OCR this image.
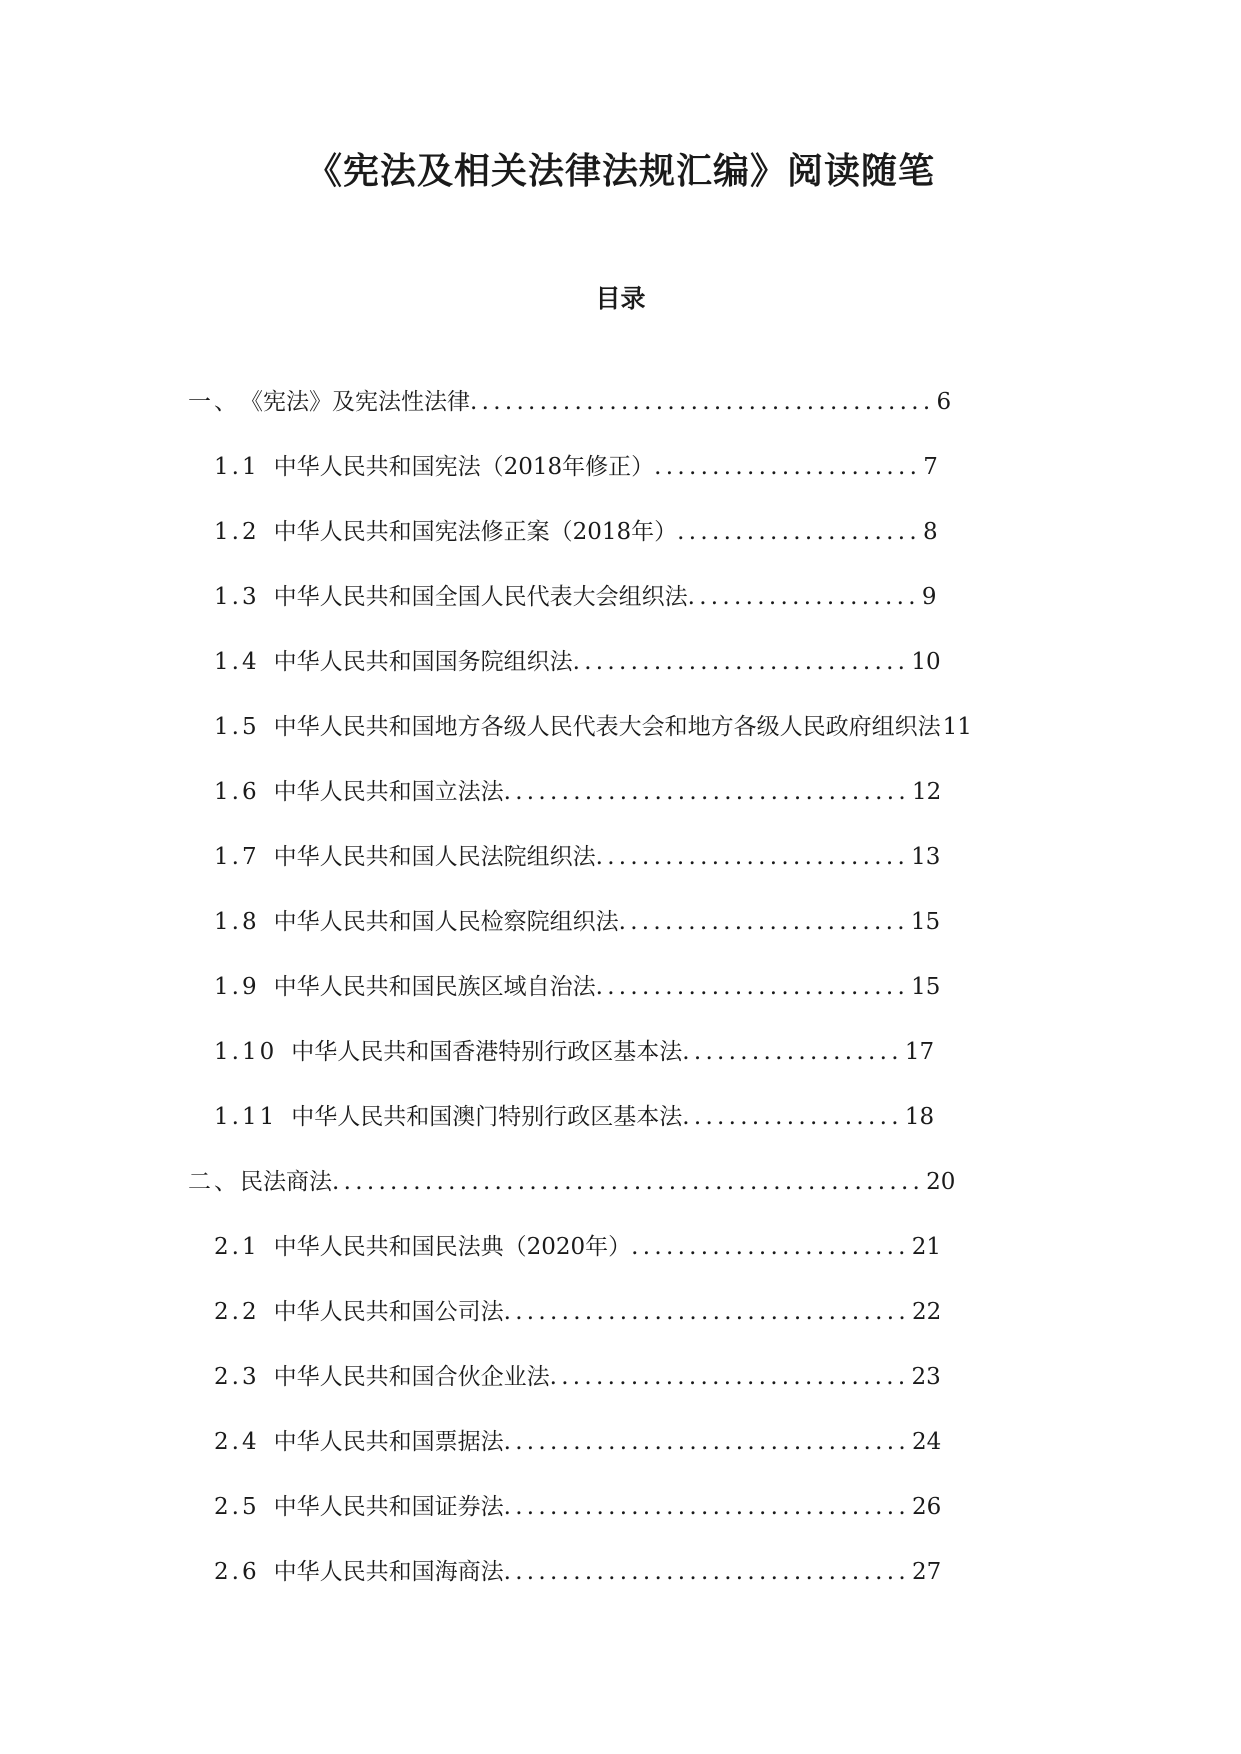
《宪法及相关法律法规汇编》阅读随笔
目录
一、 《宪法》及宪法性法律 ........................................ 6
1.1 中华人民共和国宪法（2018年修正） ....................... 7
1.2 中华人民共和国宪法修正案（2018年） ..................... 8
1.3 中华人民共和国全国人民代表大会组织法 .................... 9
1.4 中华人民共和国国务院组织法 ............................. 10
1.5 中华人民共和国地方各级人民代表大会和地方各级人民政府组织法 11
1.6 中华人民共和国立法法 ................................... 12
1.7 中华人民共和国人民法院组织法 ........................... 13
1.8 中华人民共和国人民检察院组织法 ......................... 15
1.9 中华人民共和国民族区域自治法 ........................... 15
1.10 中华人民共和国香港特别行政区基本法 ................... 17
1.11 中华人民共和国澳门特别行政区基本法 ................... 18
二、 民法商法 ................................................... 20
2.1 中华人民共和国民法典（2020年） ........................ 21
2.2 中华人民共和国公司法 ................................... 22
2.3 中华人民共和国合伙企业法 ............................... 23
2.4 中华人民共和国票据法 ................................... 24
2.5 中华人民共和国证券法 ................................... 26
2.6 中华人民共和国海商法 ................................... 27
